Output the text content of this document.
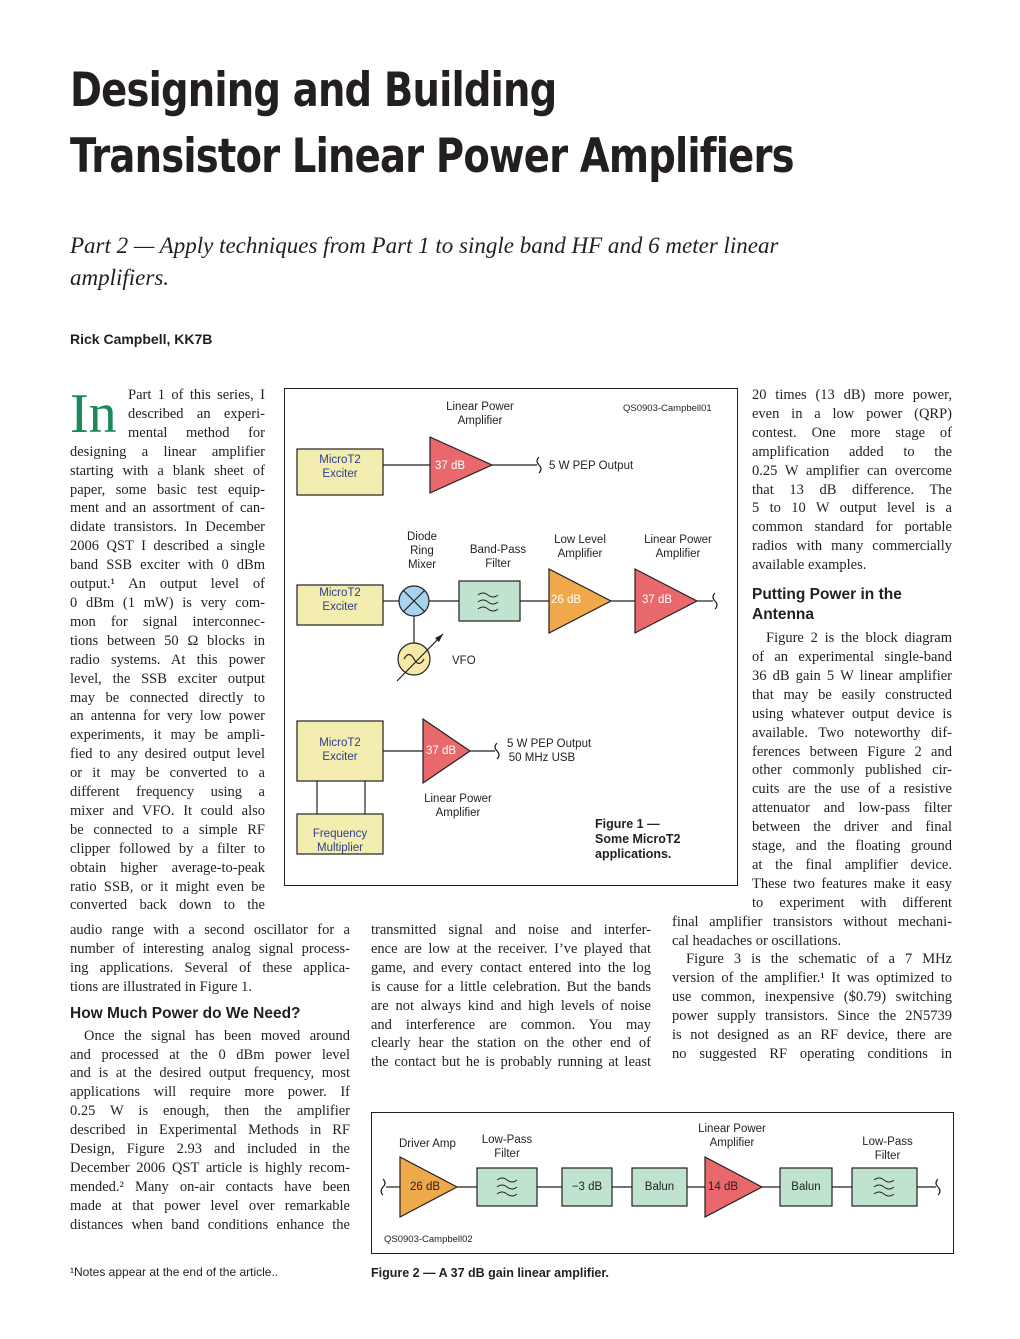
Designing and Building
Transistor Linear Power Amplifiers
Part 2 — Apply techniques from Part 1 to single band HF and 6 meter linear amplifiers.
Rick Campbell, KK7B
In Part 1 of this series, I
described an experi-
mental method for
designing a linear amplifier
starting with a blank sheet of
paper, some basic test equip-
ment and an assortment of can-
didate transistors. In December
2006 QST I described a single
band SSB exciter with 0 dBm
output.¹ An output level of
0 dBm (1 mW) is very com-
mon for signal interconnec-
tions between 50 Ω blocks in
radio systems. At this power
level, the SSB exciter output
may be connected directly to
an antenna for very low power
experiments, it may be ampli-
fied to any desired output level
or it may be converted to a
different frequency using a
mixer and VFO. It could also
be connected to a simple RF
clipper followed by a filter to
obtain higher average-to-peak
ratio SSB, or it might even be
converted back down to the
audio range with a second oscillator for a
number of interesting analog signal process-
ing applications. Several of these applica-
tions are illustrated in Figure 1.
How Much Power do We Need?
Once the signal has been moved around
and processed at the 0 dBm power level
and is at the desired output frequency, most
applications will require more power. If
0.25 W is enough, then the amplifier
described in Experimental Methods in RF
Design, Figure 2.93 and included in the
December 2006 QST article is highly recom-
mended.² Many on-air contacts have been
made at that power level over remarkable
distances when band conditions enhance the
transmitted signal and noise and interfer-
ence are low at the receiver. I’ve played that
game, and every contact entered into the log
is cause for a little celebration. But the bands
are not always kind and high levels of noise
and interference are common. You may
clearly hear the station on the other end of
the contact but he is probably running at least
20 times (13 dB) more power,
even in a low power (QRP)
contest. One more stage of
amplification added to the
0.25 W amplifier can overcome
that 13 dB difference. The
5 to 10 W output level is a
common standard for portable
radios with many commercially
available examples.
Putting Power in the
Antenna
Figure 2 is the block diagram
of an experimental single-band
36 dB gain 5 W linear amplifier
that may be easily constructed
using whatever output device is
available. Two noteworthy dif-
ferences between Figure 2 and
other commonly published cir-
cuits are the use of a resistive
attenuator and low-pass filter
between the driver and final
stage, and the floating ground
at the final amplifier device.
These two features make it easy
to experiment with different
final amplifier transistors without mechani-
cal headaches or oscillations.
Figure 3 is the schematic of a 7 MHz
version of the amplifier.¹ It was optimized to
use common, inexpensive ($0.79) switching
power supply transistors. Since the 2N5739
is not designed as an RF device, there are
no suggested RF operating conditions in
QS0903-Campbell01
Linear Power
Amplifier
MicroT2
Exciter
37 dB	5 W PEP Output
Diode
Ring
Mixer
Band-Pass
Filter
Low Level
Amplifier
Linear Power
Amplifier
MicroT2
Exciter
26 dB	37 dB
VFO
MicroT2
Exciter	37 dB
5 W PEP Output
50 MHz USB
Linear Power
Amplifier
Frequency
Multiplier
Figure 1 —
Some MicroT2
applications.
Driver Amp	Low-Pass
Filter
Linear Power
Amplifier	Low-Pass
Filter
26 dB	−3 dB	Balun	14 dB	Balun
QS0903-Campbell02
Figure 2 — A 37 dB gain linear amplifier.
¹Notes appear at the end of the article..
